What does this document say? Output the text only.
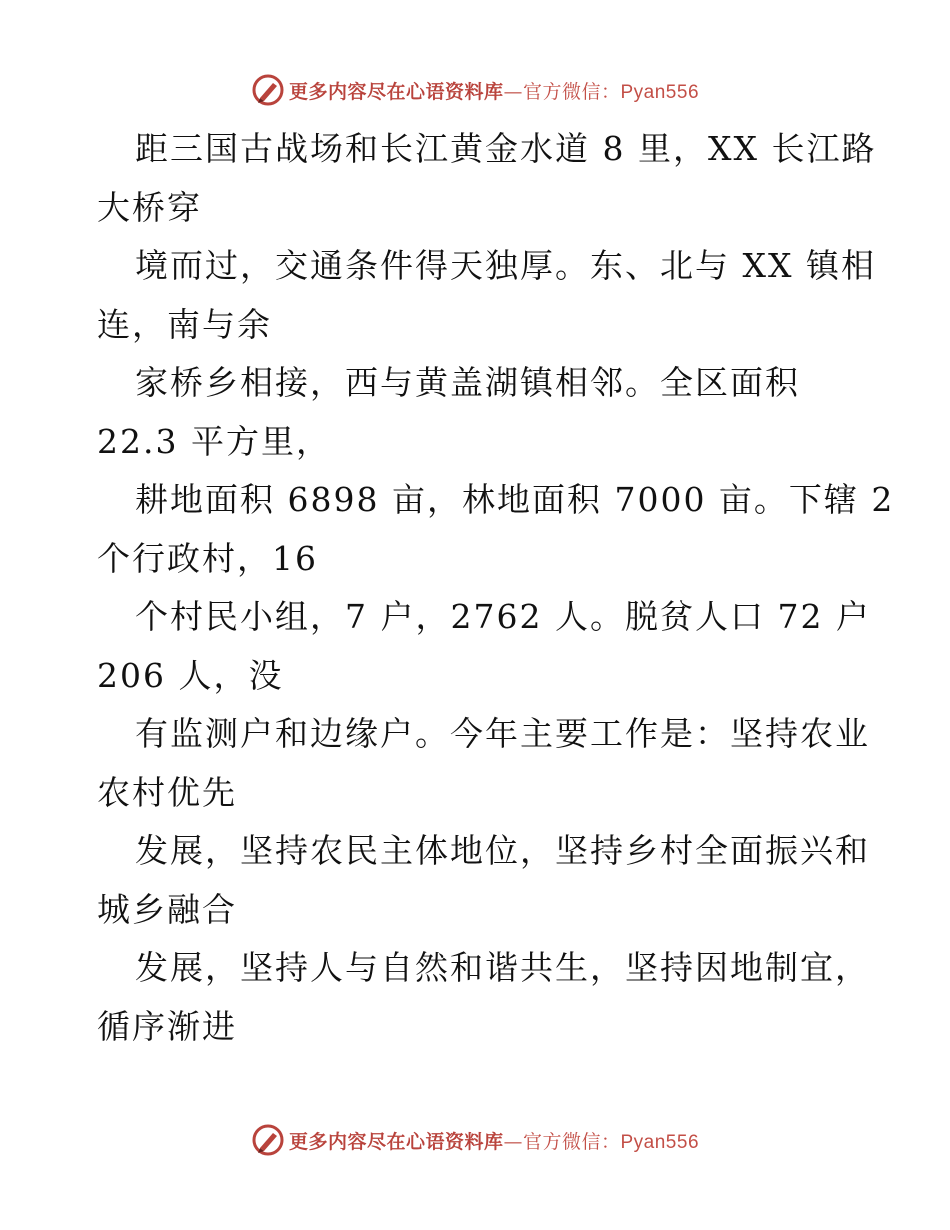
更多内容尽在心语资料库—官方微信：Pyan556
距三国古战场和长江黄金水道 8 里，XX 长江路
大桥穿
境而过，交通条件得天独厚。东、北与 XX 镇相
连，南与余
家桥乡相接，西与黄盖湖镇相邻。全区面积
22.3 平方里，
耕地面积 6898 亩，林地面积 7000 亩。下辖 2
个行政村，16
个村民小组，7 户，2762 人。脱贫人口 72 户
206 人，没
有监测户和边缘户。今年主要工作是：坚持农业
农村优先
发展，坚持农民主体地位，坚持乡村全面振兴和
城乡融合
发展，坚持人与自然和谐共生，坚持因地制宜，
循序渐进
更多内容尽在心语资料库—官方微信：Pyan556
